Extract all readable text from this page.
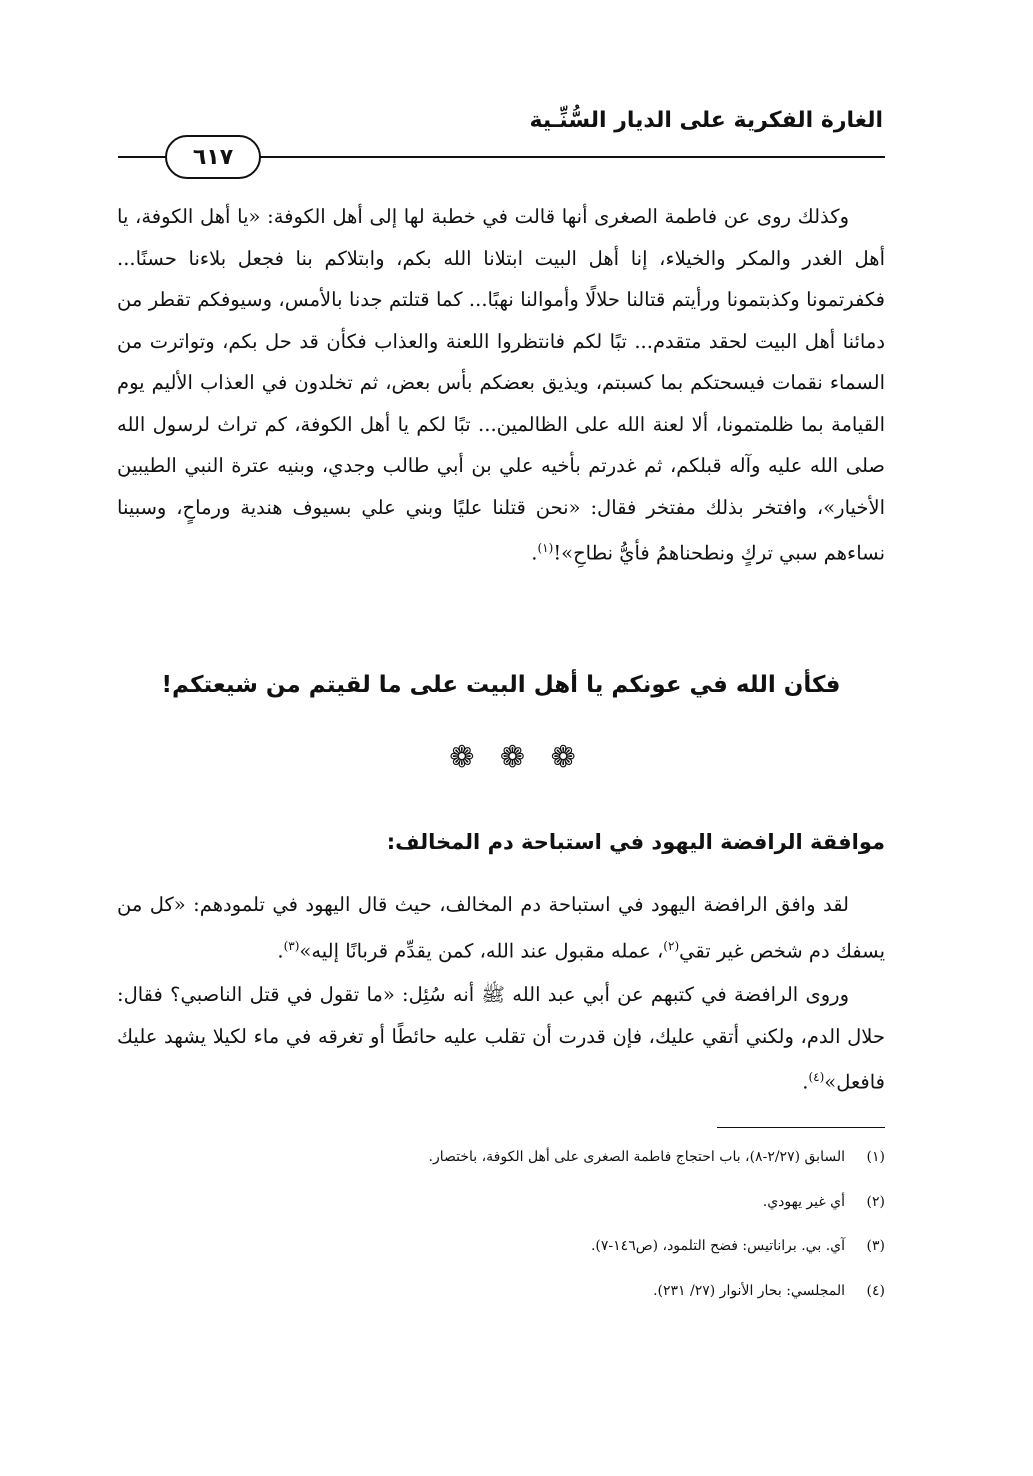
الغارة الفكرية على الديار السُّنِّـية
٦١٧

وكذلك روى عن فاطمة الصغرى أنها قالت في خطبة لها إلى أهل الكوفة: «يا أهل الكوفة، يا أهل الغدر والمكر والخيلاء، إنا أهل البيت ابتلانا الله بكم، وابتلاكم بنا فجعل بلاءنا حسنًا... فكفرتمونا وكذبتمونا ورأيتم قتالنا حلالًا وأموالنا نهبًا... كما قتلتم جدنا بالأمس، وسيوفكم تقطر من دمائنا أهل البيت لحقد متقدم... تبًا لكم فانتظروا اللعنة والعذاب فكأن قد حل بكم، وتواترت من السماء نقمات فيسحتكم بما كسبتم، ويذيق بعضكم بأس بعض، ثم تخلدون في العذاب الأليم يوم القيامة بما ظلمتمونا، ألا لعنة الله على الظالمين... تبًا لكم يا أهل الكوفة، كم تراث لرسول الله صلى الله عليه وآله قبلكم، ثم غدرتم بأخيه علي بن أبي طالب وجدي، وبنيه عترة النبي الطيبين الأخيار»، وافتخر بذلك مفتخر فقال: «نحن قتلنا عليًا وبني علي بسيوف هندية ورماحٍ، وسبينا نساءهم سبي تركٍ ونطحناهمُ فأيُّ نطاحِ»!$^{(١)}$.

فكأن الله في عونكم يا أهل البيت على ما لقيتم من شيعتكم!
❁ ❁ ❁
موافقة الرافضة اليهود في استباحة دم المخالف:

لقد وافق الرافضة اليهود في استباحة دم المخالف، حيث قال اليهود في تلمودهم: «كل من يسفك دم شخص غير تقي$^{(٢)}$، عمله مقبول عند الله، كمن يقدِّم قربانًا إليه»$^{(٣)}$.

وروى الرافضة في كتبهم عن أبي عبد الله ﷺ أنه سُئِل: «ما تقول في قتل الناصبي؟ فقال: حلال الدم، ولكني أتقي عليك، فإن قدرت أن تقلب عليه حائطًا أو تغرقه في ماء لكيلا يشهد عليك فافعل»$^{(٤)}$.

(١)السابق (٢/٢٧-٨)، باب احتجاج فاطمة الصغرى على أهل الكوفة، باختصار.
(٢)أي غير يهودي.
(٣)آي. بي. براناتيس: فضح التلمود، (ص١٤٦-٧).
(٤)المجلسي: بحار الأنوار (٢٧/ ٢٣١).
